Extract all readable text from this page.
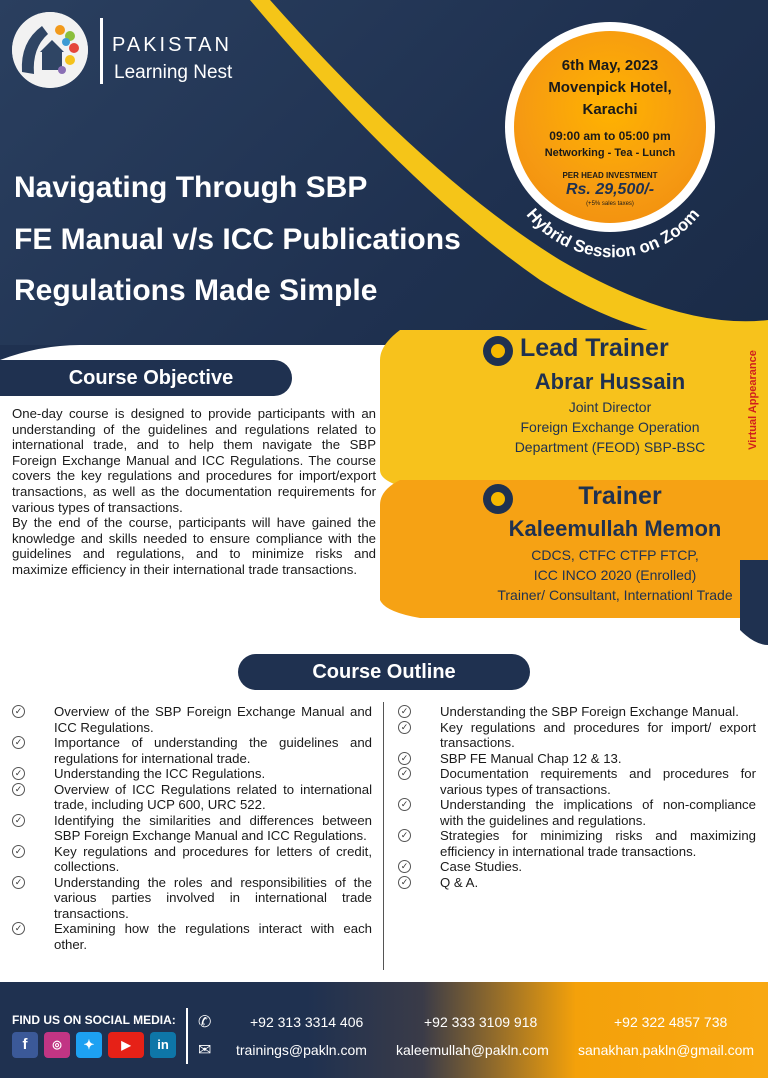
PAKISTAN
Learning Nest
Navigating Through SBP
FE Manual v/s ICC Publications
Regulations Made Simple
6th May, 2023
Movenpick Hotel,
Karachi
09:00 am to 05:00 pm
Networking - Tea - Lunch
PER HEAD INVESTMENT
Rs. 29,500/-
(+5% sales taxes)
Hybrid Session on Zoom
Lead Trainer
Abrar Hussain
Joint Director
Foreign Exchange Operation
Department (FEOD) SBP-BSC	Virtual Appearance
Trainer
Kaleemullah Memon
CDCS, CTFC CTFP FTCP,
ICC INCO 2020 (Enrolled)
Trainer/ Consultant, Internationl Trade
Course Objective

One-day course is designed to provide participants with an understanding of the guidelines and regulations related to international trade, and to help them navigate the SBP Foreign Exchange Manual and ICC Regulations. The course covers the key regulations and procedures for import/export transactions, as well as the documentation requirements for various types of transactions.

By the end of the course, participants will have gained the knowledge and skills needed to ensure compliance with the guidelines and regulations, and to minimize risks and maximize efficiency in their international trade transactions.

Course Outline
✓ Overview of the SBP Foreign Exchange Manual and ICC Regulations.
✓ Importance of understanding the guidelines and regulations for international trade.
✓ Understanding the ICC Regulations.
✓ Overview of ICC Regulations related to international trade, including UCP 600, URC 522.
✓ Identifying the similarities and differences between SBP Foreign Exchange Manual and ICC Regulations.
✓ Key regulations and procedures for letters of credit, collections.
✓ Understanding the roles and responsibilities of the various parties involved in international trade transactions.
✓ Examining how the regulations interact with each other.
✓ Understanding the SBP Foreign Exchange Manual.
✓ Key regulations and procedures for import/ export transactions.
✓ SBP FE Manual Chap 12 & 13.
✓ Documentation requirements and procedures for various types of transactions.
✓ Understanding the implications of non-compliance with the guidelines and regulations.
✓ Strategies for minimizing risks and maximizing efficiency in international trade transactions.
✓ Case Studies.
✓ Q & A.
FIND US ON SOCIAL MEDIA:
f	◎	✦	▶	in
✆
✉
+92 313 3314 406	+92 333 3109 918	+92 322 4857 738
trainings@pakln.com kaleemullah@pakln.com sanakhan.pakln@gmail.com
